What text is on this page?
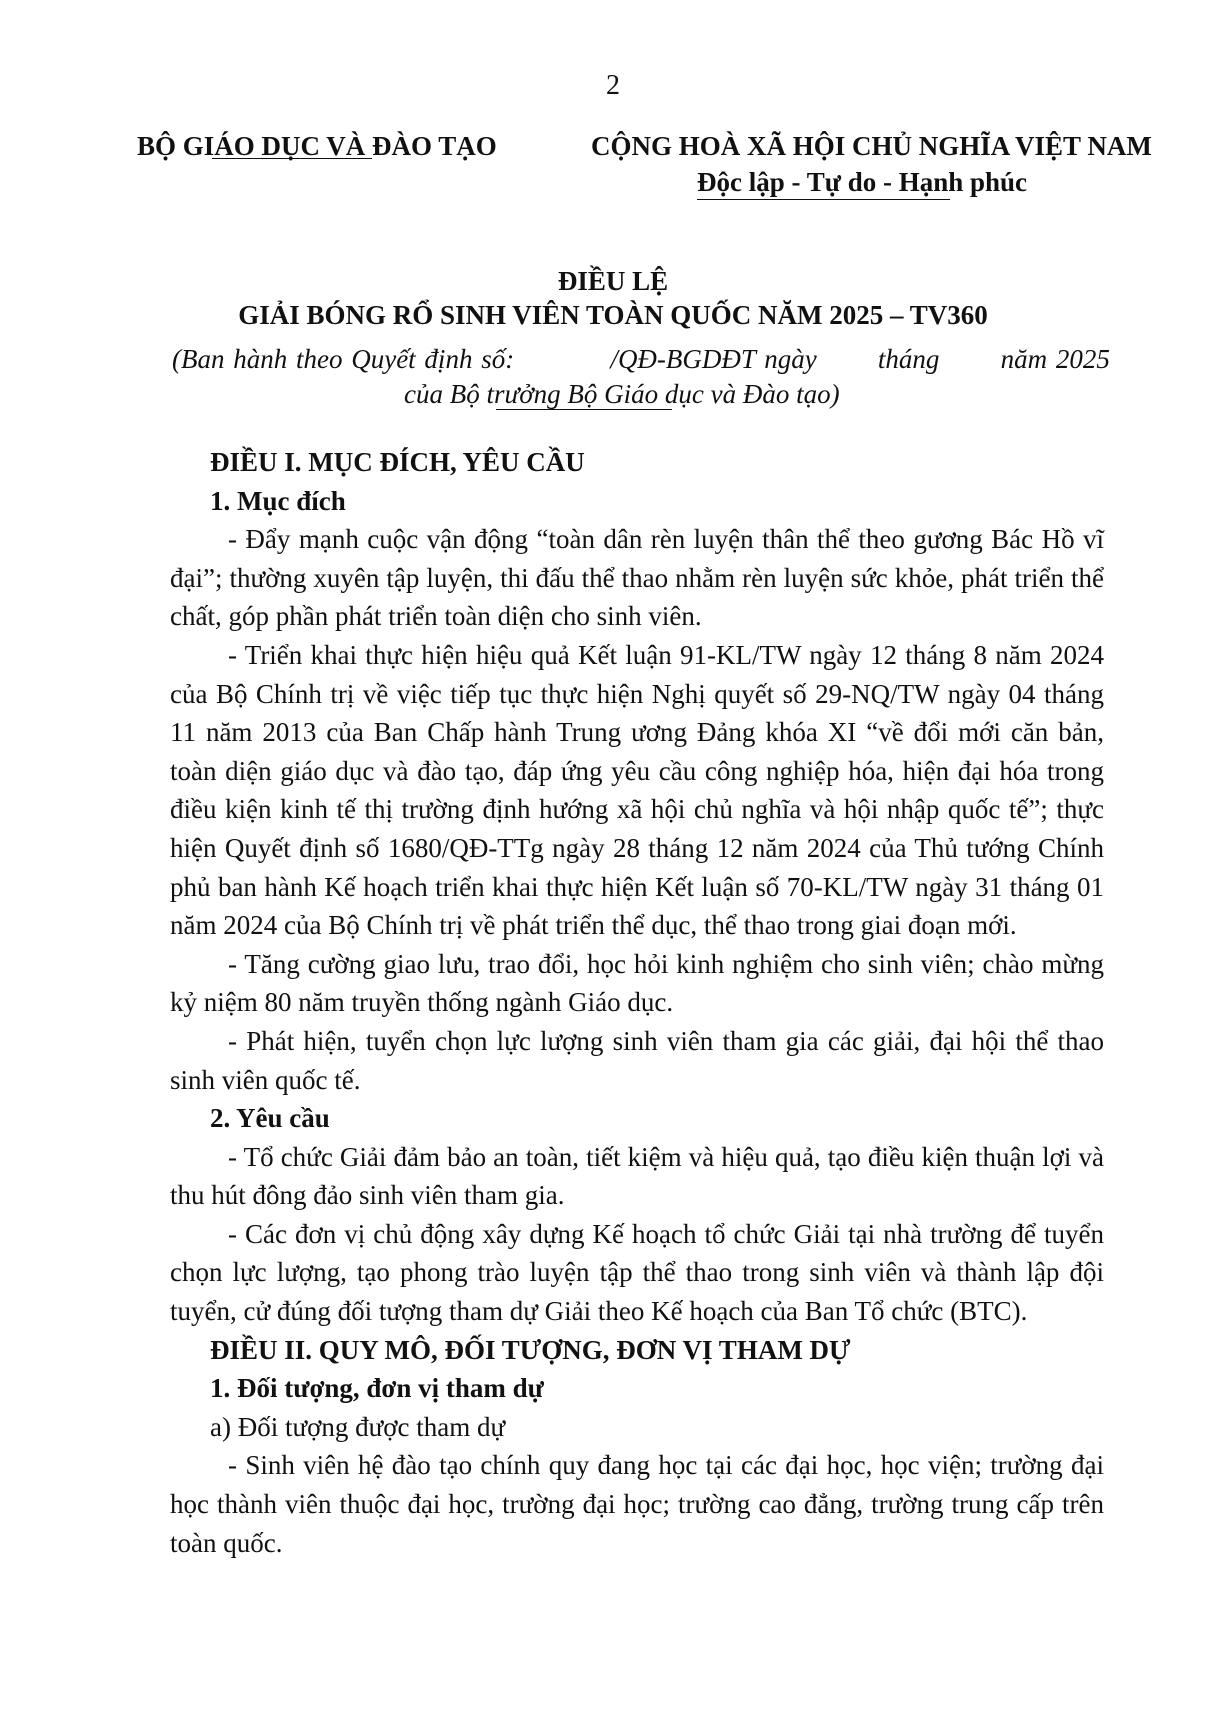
2
BỘ GIÁO DỤC VÀ ĐÀO TẠO	CỘNG HOÀ XÃ HỘI CHỦ NGHĨA VIỆT NAM
Độc lập - Tự do - Hạnh phúc
ĐIỀU LỆ
GIẢI BÓNG RỔ SINH VIÊN TOÀN QUỐC NĂM 2025 – TV360
(Ban hành theo Quyết định số:           /QĐ-BGDĐT ngày       tháng       năm 2025
của Bộ trưởng Bộ Giáo dục và Đào tạo)

ĐIỀU I. MỤC ĐÍCH, YÊU CẦU

1. Mục đích

- Đẩy mạnh cuộc vận động “toàn dân rèn luyện thân thể theo gương Bác Hồ vĩ đại”; thường xuyên tập luyện, thi đấu thể thao nhằm rèn luyện sức khỏe, phát triển thể chất, góp phần phát triển toàn diện cho sinh viên.

- Triển khai thực hiện hiệu quả Kết luận 91-KL/TW ngày 12 tháng 8 năm 2024 của Bộ Chính trị về việc tiếp tục thực hiện Nghị quyết số 29-NQ/TW ngày 04 tháng 11 năm 2013 của Ban Chấp hành Trung ương Đảng khóa XI “về đổi mới căn bản, toàn diện giáo dục và đào tạo, đáp ứng yêu cầu công nghiệp hóa, hiện đại hóa trong điều kiện kinh tế thị trường định hướng xã hội chủ nghĩa và hội nhập quốc tế”; thực hiện Quyết định số 1680/QĐ-TTg ngày 28 tháng 12 năm 2024 của Thủ tướng Chính phủ ban hành Kế hoạch triển khai thực hiện Kết luận số 70-KL/TW ngày 31 tháng 01 năm 2024 của Bộ Chính trị về phát triển thể dục, thể thao trong giai đoạn mới.

- Tăng cường giao lưu, trao đổi, học hỏi kinh nghiệm cho sinh viên; chào mừng kỷ niệm 80 năm truyền thống ngành Giáo dục.

- Phát hiện, tuyển chọn lực lượng sinh viên tham gia các giải, đại hội thể thao sinh viên quốc tế.

2. Yêu cầu

- Tổ chức Giải đảm bảo an toàn, tiết kiệm và hiệu quả, tạo điều kiện thuận lợi và thu hút đông đảo sinh viên tham gia.

- Các đơn vị chủ động xây dựng Kế hoạch tổ chức Giải tại nhà trường để tuyển chọn lực lượng, tạo phong trào luyện tập thể thao trong sinh viên và thành lập đội tuyển, cử đúng đối tượng tham dự Giải theo Kế hoạch của Ban Tổ chức (BTC).

ĐIỀU II. QUY MÔ, ĐỐI TƯỢNG, ĐƠN VỊ THAM DỰ

1. Đối tượng, đơn vị tham dự

a) Đối tượng được tham dự

- Sinh viên hệ đào tạo chính quy đang học tại các đại học, học viện; trường đại học thành viên thuộc đại học, trường đại học; trường cao đẳng, trường trung cấp trên toàn quốc.
